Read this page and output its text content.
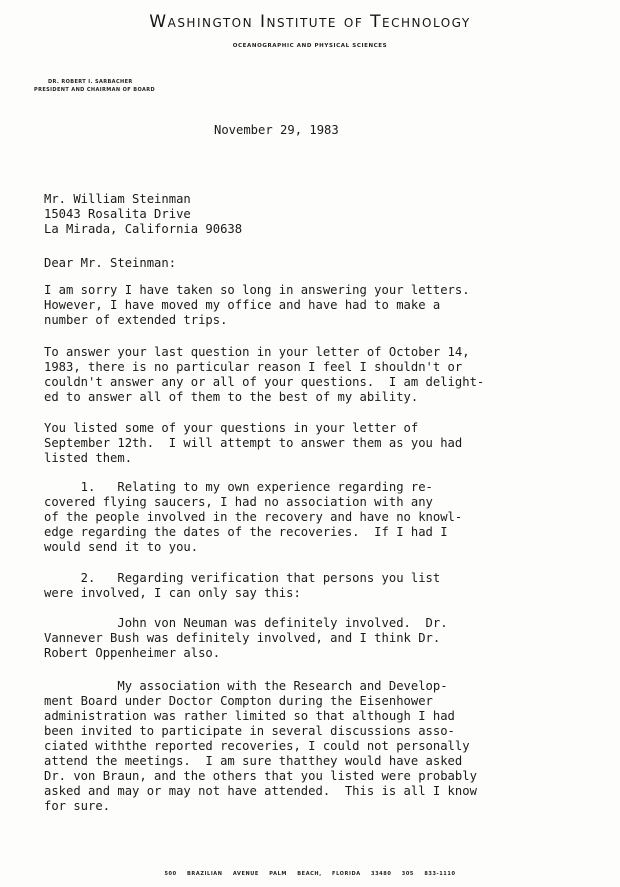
Washington Institute of Technology
OCEANOGRAPHIC AND PHYSICAL SCIENCES
DR. ROBERT I. SARBACHER
PRESIDENT AND CHAIRMAN OF BOARD

November 29, 1983

Mr. William Steinman
15043 Rosalita Drive
La Mirada, California 90638

Dear Mr. Steinman:

I am sorry I have taken so long in answering your letters.
However, I have moved my office and have had to make a
number of extended trips.

To answer your last question in your letter of October 14,
1983, there is no particular reason I feel I shouldn't or
couldn't answer any or all of your questions.  I am delight-
ed to answer all of them to the best of my ability.

You listed some of your questions in your letter of
September 12th.  I will attempt to answer them as you had
listed them.

1.   Relating to my own experience regarding re-
covered flying saucers, I had no association with any
of the people involved in the recovery and have no knowl-
edge regarding the dates of the recoveries.  If I had I
would send it to you.

2.   Regarding verification that persons you list
were involved, I can only say this:

John von Neuman was definitely involved.  Dr.
Vannever Bush was definitely involved, and I think Dr.
Robert Oppenheimer also.

My association with the Research and Develop-
ment Board under Doctor Compton during the Eisenhower
administration was rather limited so that although I had
been invited to participate in several discussions asso-
ciated withthe reported recoveries, I could not personally
attend the meetings.  I am sure thatthey would have asked
Dr. von Braun, and the others that you listed were probably
asked and may or may not have attended.  This is all I know
for sure.

500 BRAZILIAN AVENUE PALM BEACH, FLORIDA 33480 305 833-1110
